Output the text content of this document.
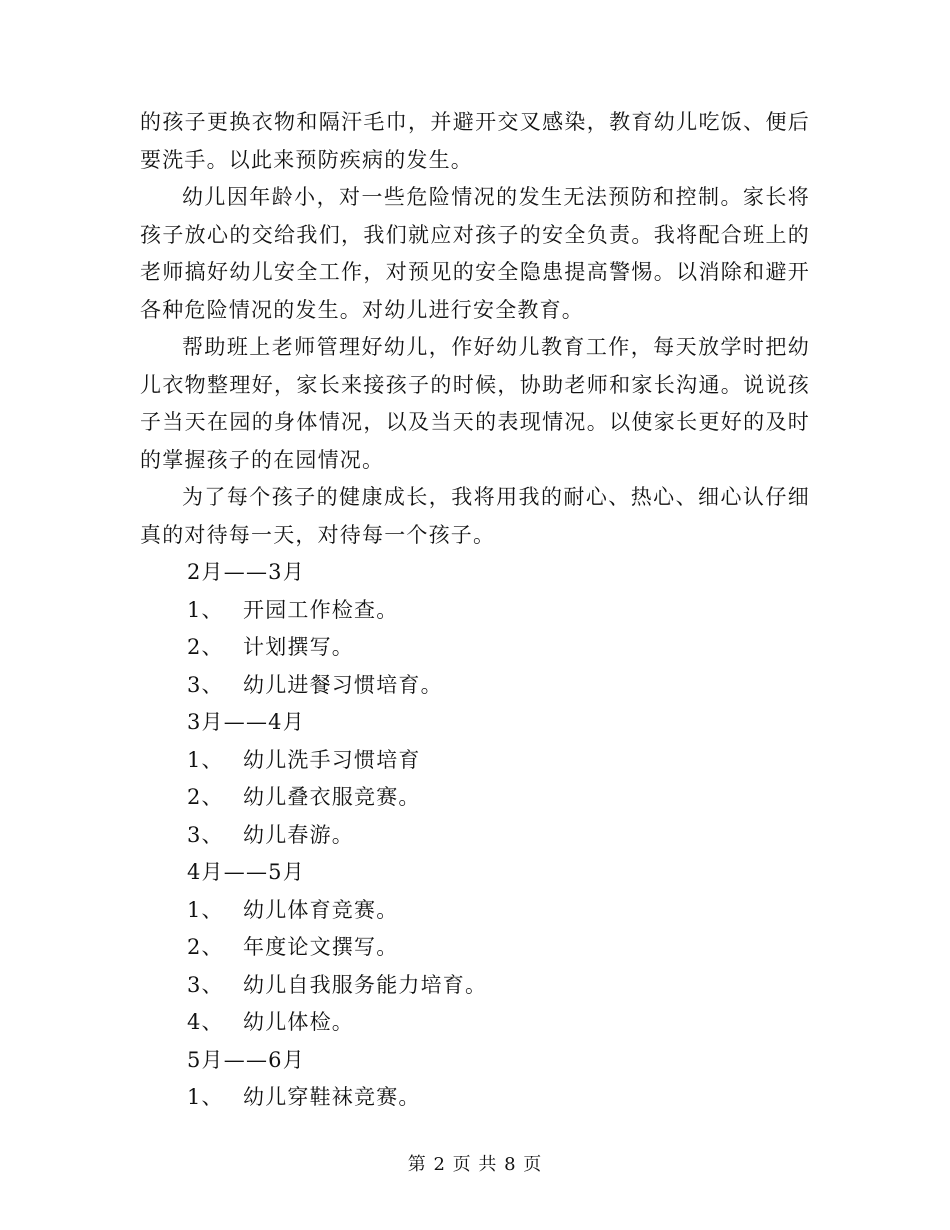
的孩子更换衣物和隔汗毛巾，并避开交叉感染，教育幼儿吃饭、便后要洗手。以此来预防疾病的发生。

幼儿因年龄小，对一些危险情况的发生无法预防和控制。家长将孩子放心的交给我们，我们就应对孩子的安全负责。我将配合班上的老师搞好幼儿安全工作，对预见的安全隐患提高警惕。以消除和避开各种危险情况的发生。对幼儿进行安全教育。

帮助班上老师管理好幼儿，作好幼儿教育工作，每天放学时把幼儿衣物整理好，家长来接孩子的时候，协助老师和家长沟通。说说孩子当天在园的身体情况，以及当天的表现情况。以使家长更好的及时的掌握孩子的在园情况。

为了每个孩子的健康成长，我将用我的耐心、热心、细心认仔细真的对待每一天，对待每一个孩子。

2月——3月

1、 开园工作检查。

2、 计划撰写。

3、 幼儿进餐习惯培育。

3月——4月

1、 幼儿洗手习惯培育

2、 幼儿叠衣服竞赛。

3、 幼儿春游。

4月——5月

1、 幼儿体育竞赛。

2、 年度论文撰写。

3、 幼儿自我服务能力培育。

4、 幼儿体检。

5月——6月

1、 幼儿穿鞋袜竞赛。

第 2 页 共 8 页
